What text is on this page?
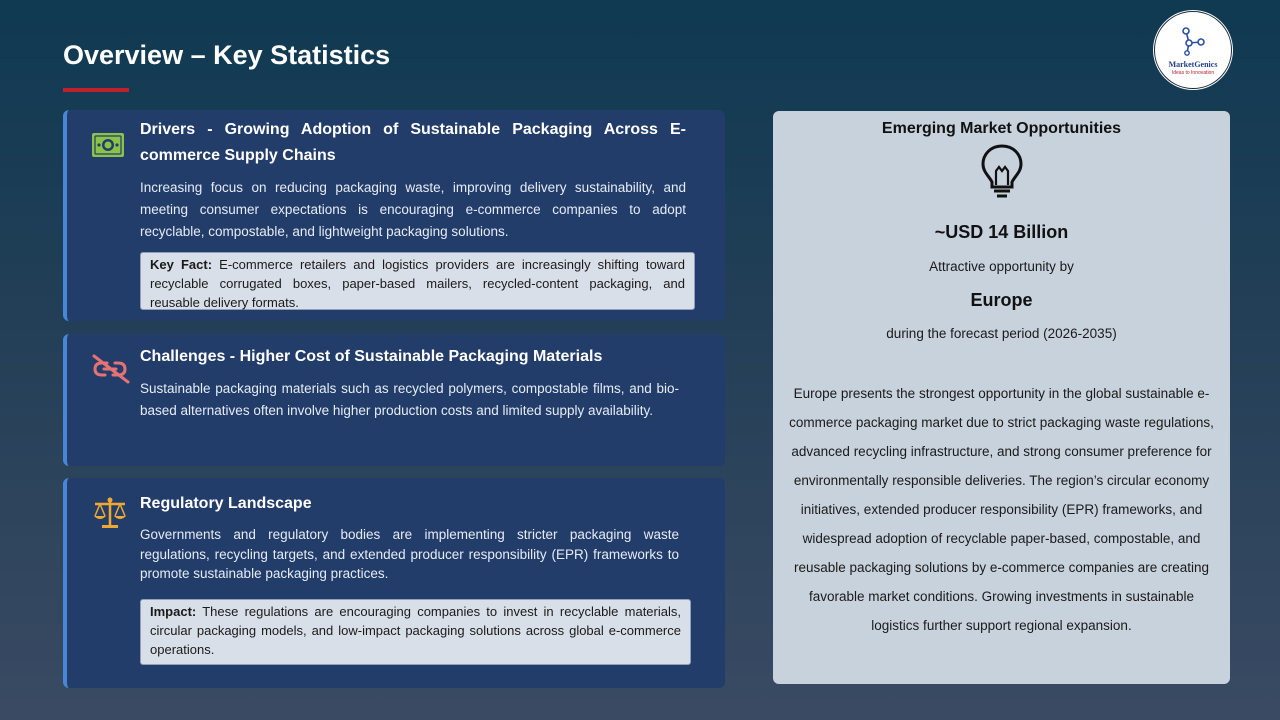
Overview – Key Statistics	MarketGenics
Ideas to Innovation

Drivers - Growing Adoption of Sustainable Packaging Across E-commerce Supply Chains

Increasing focus on reducing packaging waste, improving delivery sustainability, and meeting consumer expectations is encouraging e-commerce companies to adopt recyclable, compostable, and lightweight packaging solutions.

Key Fact: E-commerce retailers and logistics providers are increasingly shifting toward recyclable corrugated boxes, paper-based mailers, recycled-content packaging, and reusable delivery formats.

Challenges - Higher Cost of Sustainable Packaging Materials

Sustainable packaging materials such as recycled polymers, compostable films, and bio-based alternatives often involve higher production costs and limited supply availability.

Regulatory Landscape

Governments and regulatory bodies are implementing stricter packaging waste regulations, recycling targets, and extended producer responsibility (EPR) frameworks to promote sustainable packaging practices.

Impact: These regulations are encouraging companies to invest in recyclable materials, circular packaging models, and low-impact packaging solutions across global e-commerce operations.
Emerging Market Opportunities
~USD 14 Billion
Attractive opportunity by
Europe
during the forecast period (2026-2035)

Europe presents the strongest opportunity in the global sustainable e-commerce packaging market due to strict packaging waste regulations, advanced recycling infrastructure, and strong consumer preference for environmentally responsible deliveries. The region’s circular economy initiatives, extended producer responsibility (EPR) frameworks, and widespread adoption of recyclable paper-based, compostable, and reusable packaging solutions by e-commerce companies are creating favorable market conditions. Growing investments in sustainable logistics further support regional expansion.
